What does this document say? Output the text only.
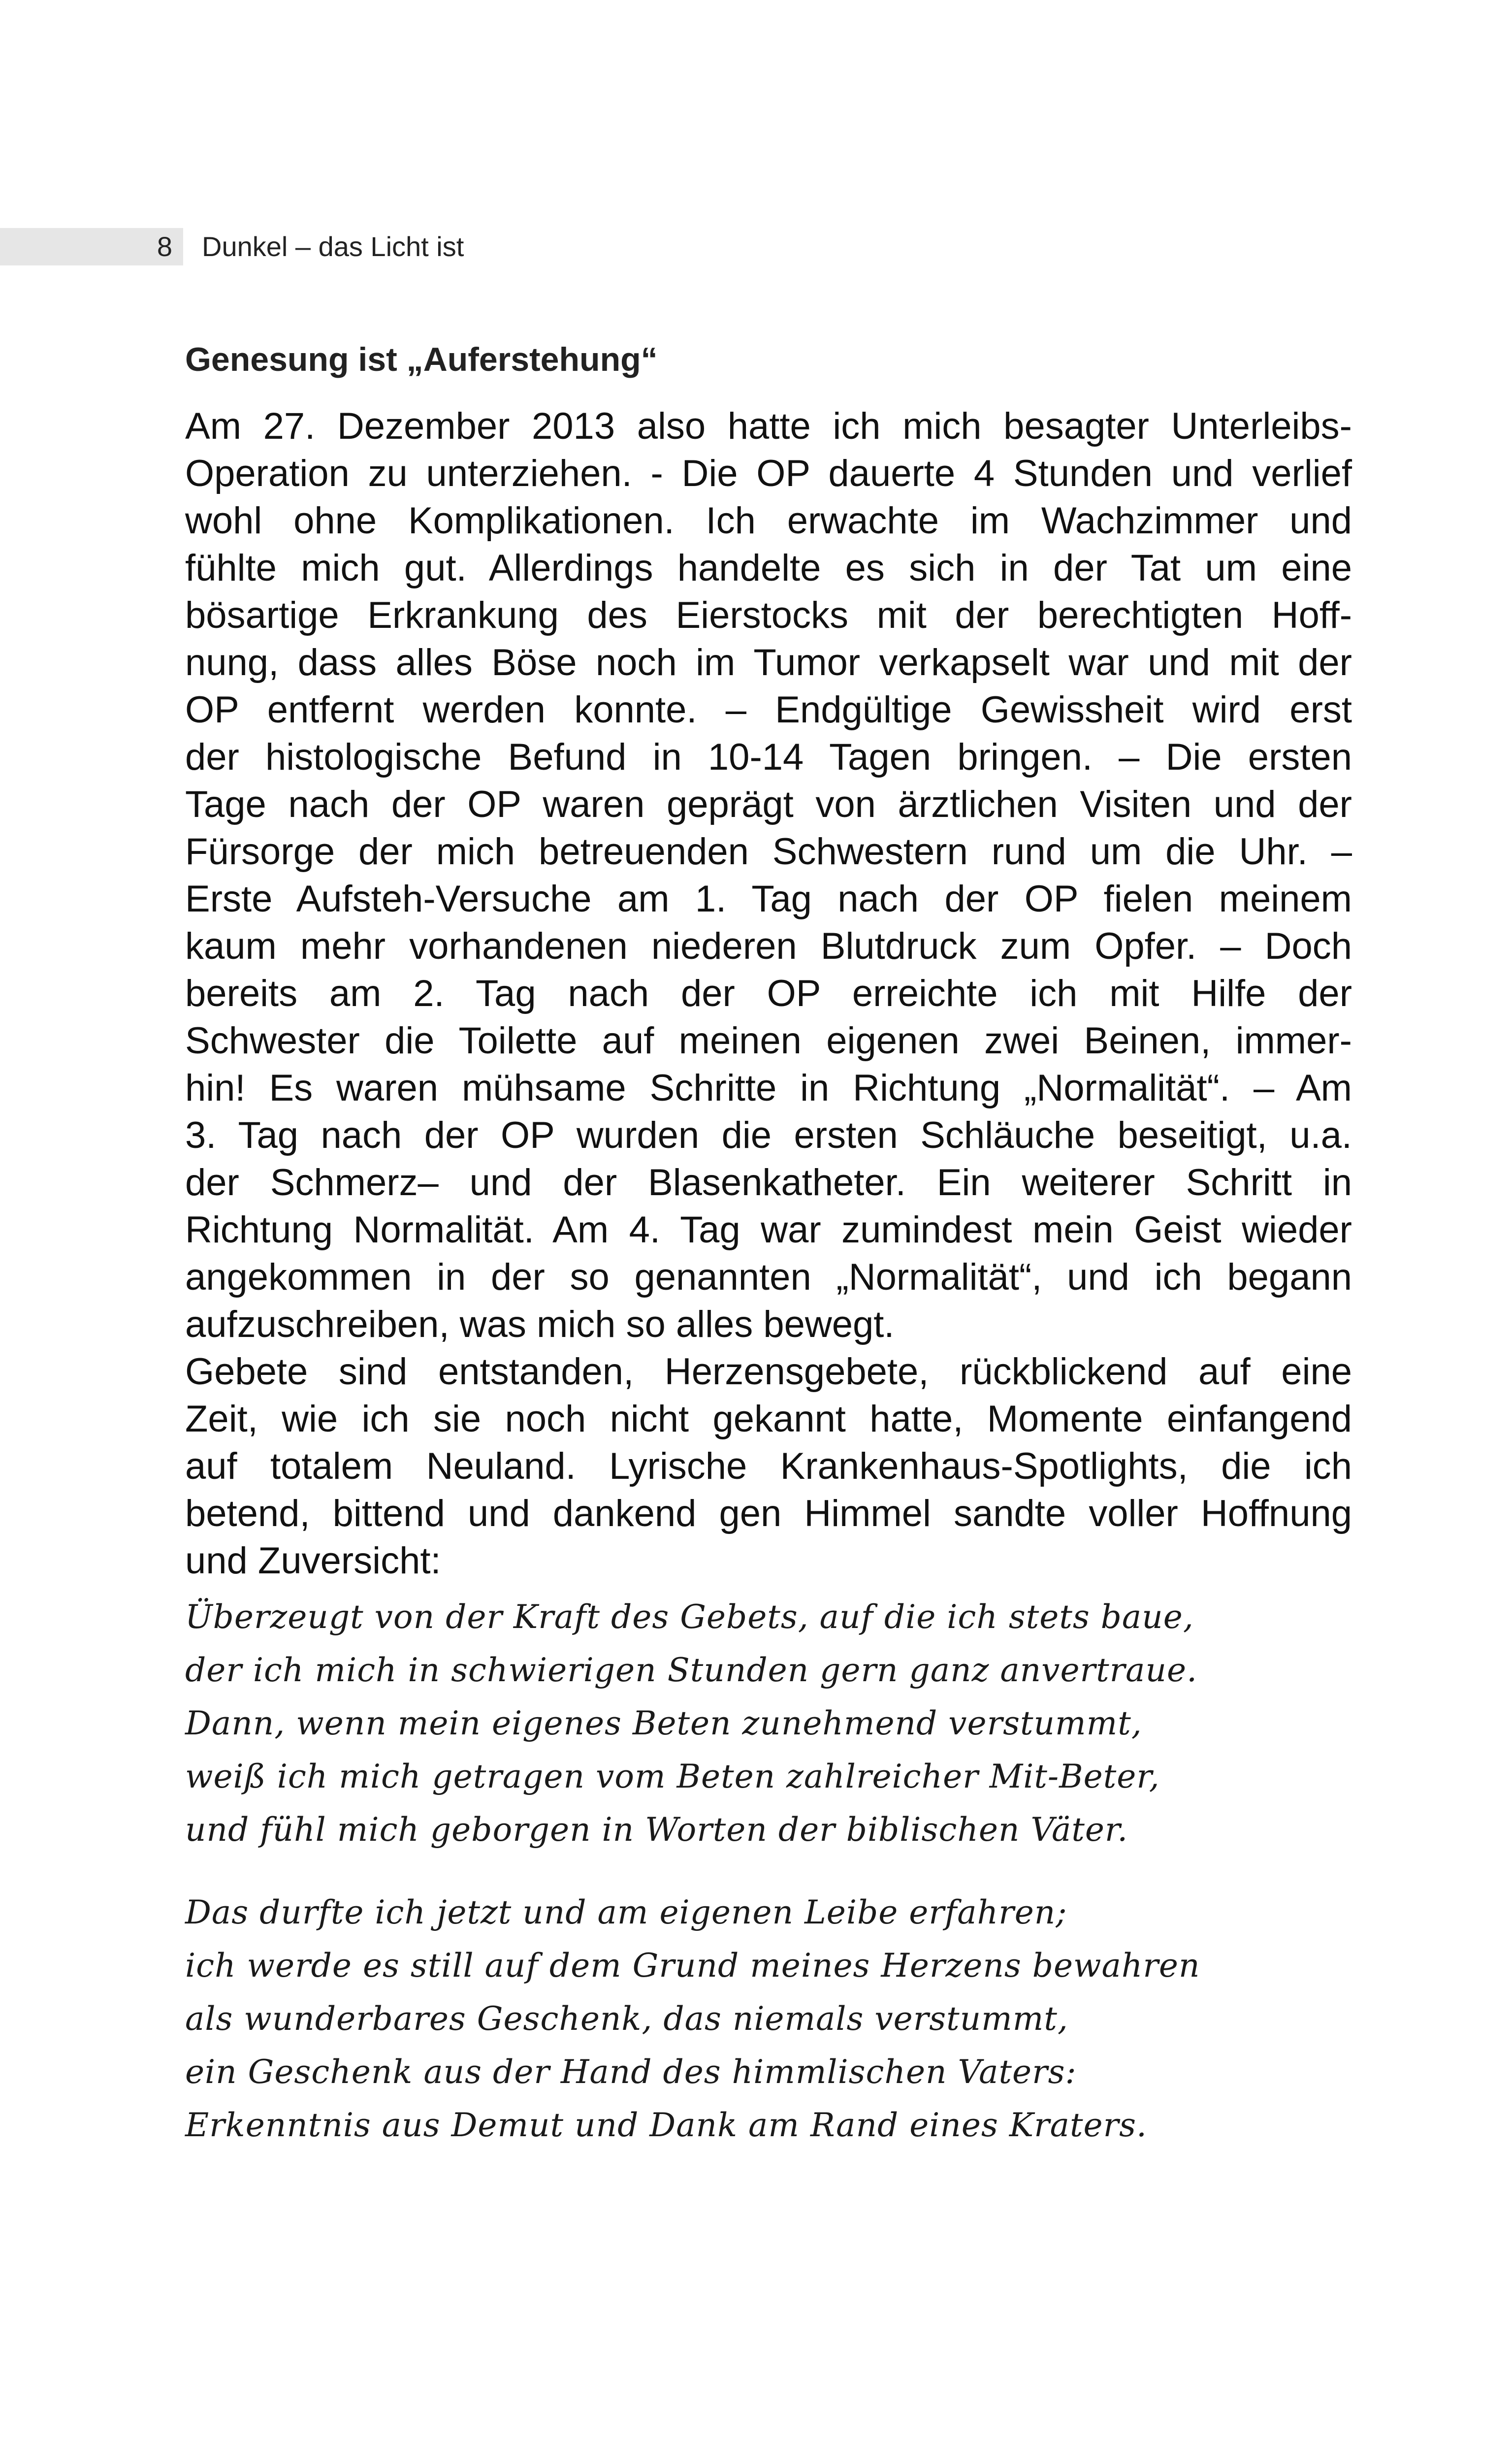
8 Dunkel – das Licht ist
Genesung ist „Auferstehung“
Am 27. Dezember 2013 also hatte ich mich besagter Unterleibs-
Operation zu unterziehen. - Die OP dauerte 4 Stunden und verlief
wohl ohne Komplikationen. Ich erwachte im Wachzimmer und
fühlte mich gut. Allerdings handelte es sich in der Tat um eine
bösartige Erkrankung des Eierstocks mit der berechtigten Hoff-
nung, dass alles Böse noch im Tumor verkapselt war und mit der
OP entfernt werden konnte. – Endgültige Gewissheit wird erst
der histologische Befund in 10-14 Tagen bringen. – Die ersten
Tage nach der OP waren geprägt von ärztlichen Visiten und der
Fürsorge der mich betreuenden Schwestern rund um die Uhr. –
Erste Aufsteh-Versuche am 1. Tag nach der OP fielen meinem
kaum mehr vorhandenen niederen Blutdruck zum Opfer. – Doch
bereits am 2. Tag nach der OP erreichte ich mit Hilfe der
Schwester die Toilette auf meinen eigenen zwei Beinen, immer-
hin! Es waren mühsame Schritte in Richtung „Normalität“. – Am
3. Tag nach der OP wurden die ersten Schläuche beseitigt, u.a.
der Schmerz– und der Blasenkatheter. Ein weiterer Schritt in
Richtung Normalität. Am 4. Tag war zumindest mein Geist wieder
angekommen in der so genannten „Normalität“, und ich begann
aufzuschreiben, was mich so alles bewegt.
Gebete sind entstanden, Herzensgebete, rückblickend auf eine
Zeit, wie ich sie noch nicht gekannt hatte, Momente einfangend
auf totalem Neuland. Lyrische Krankenhaus-Spotlights, die ich
betend, bittend und dankend gen Himmel sandte voller Hoffnung
und Zuversicht:
Überzeugt von der Kraft des Gebets, auf die ich stets baue,
der ich mich in schwierigen Stunden gern ganz anvertraue.
Dann, wenn mein eigenes Beten zunehmend verstummt,
weiß ich mich getragen vom Beten zahlreicher Mit-Beter,
und fühl mich geborgen in Worten der biblischen Väter.
Das durfte ich jetzt und am eigenen Leibe erfahren;
ich werde es still auf dem Grund meines Herzens bewahren
als wunderbares Geschenk, das niemals verstummt,
ein Geschenk aus der Hand des himmlischen Vaters:
Erkenntnis aus Demut und Dank am Rand eines Kraters.
